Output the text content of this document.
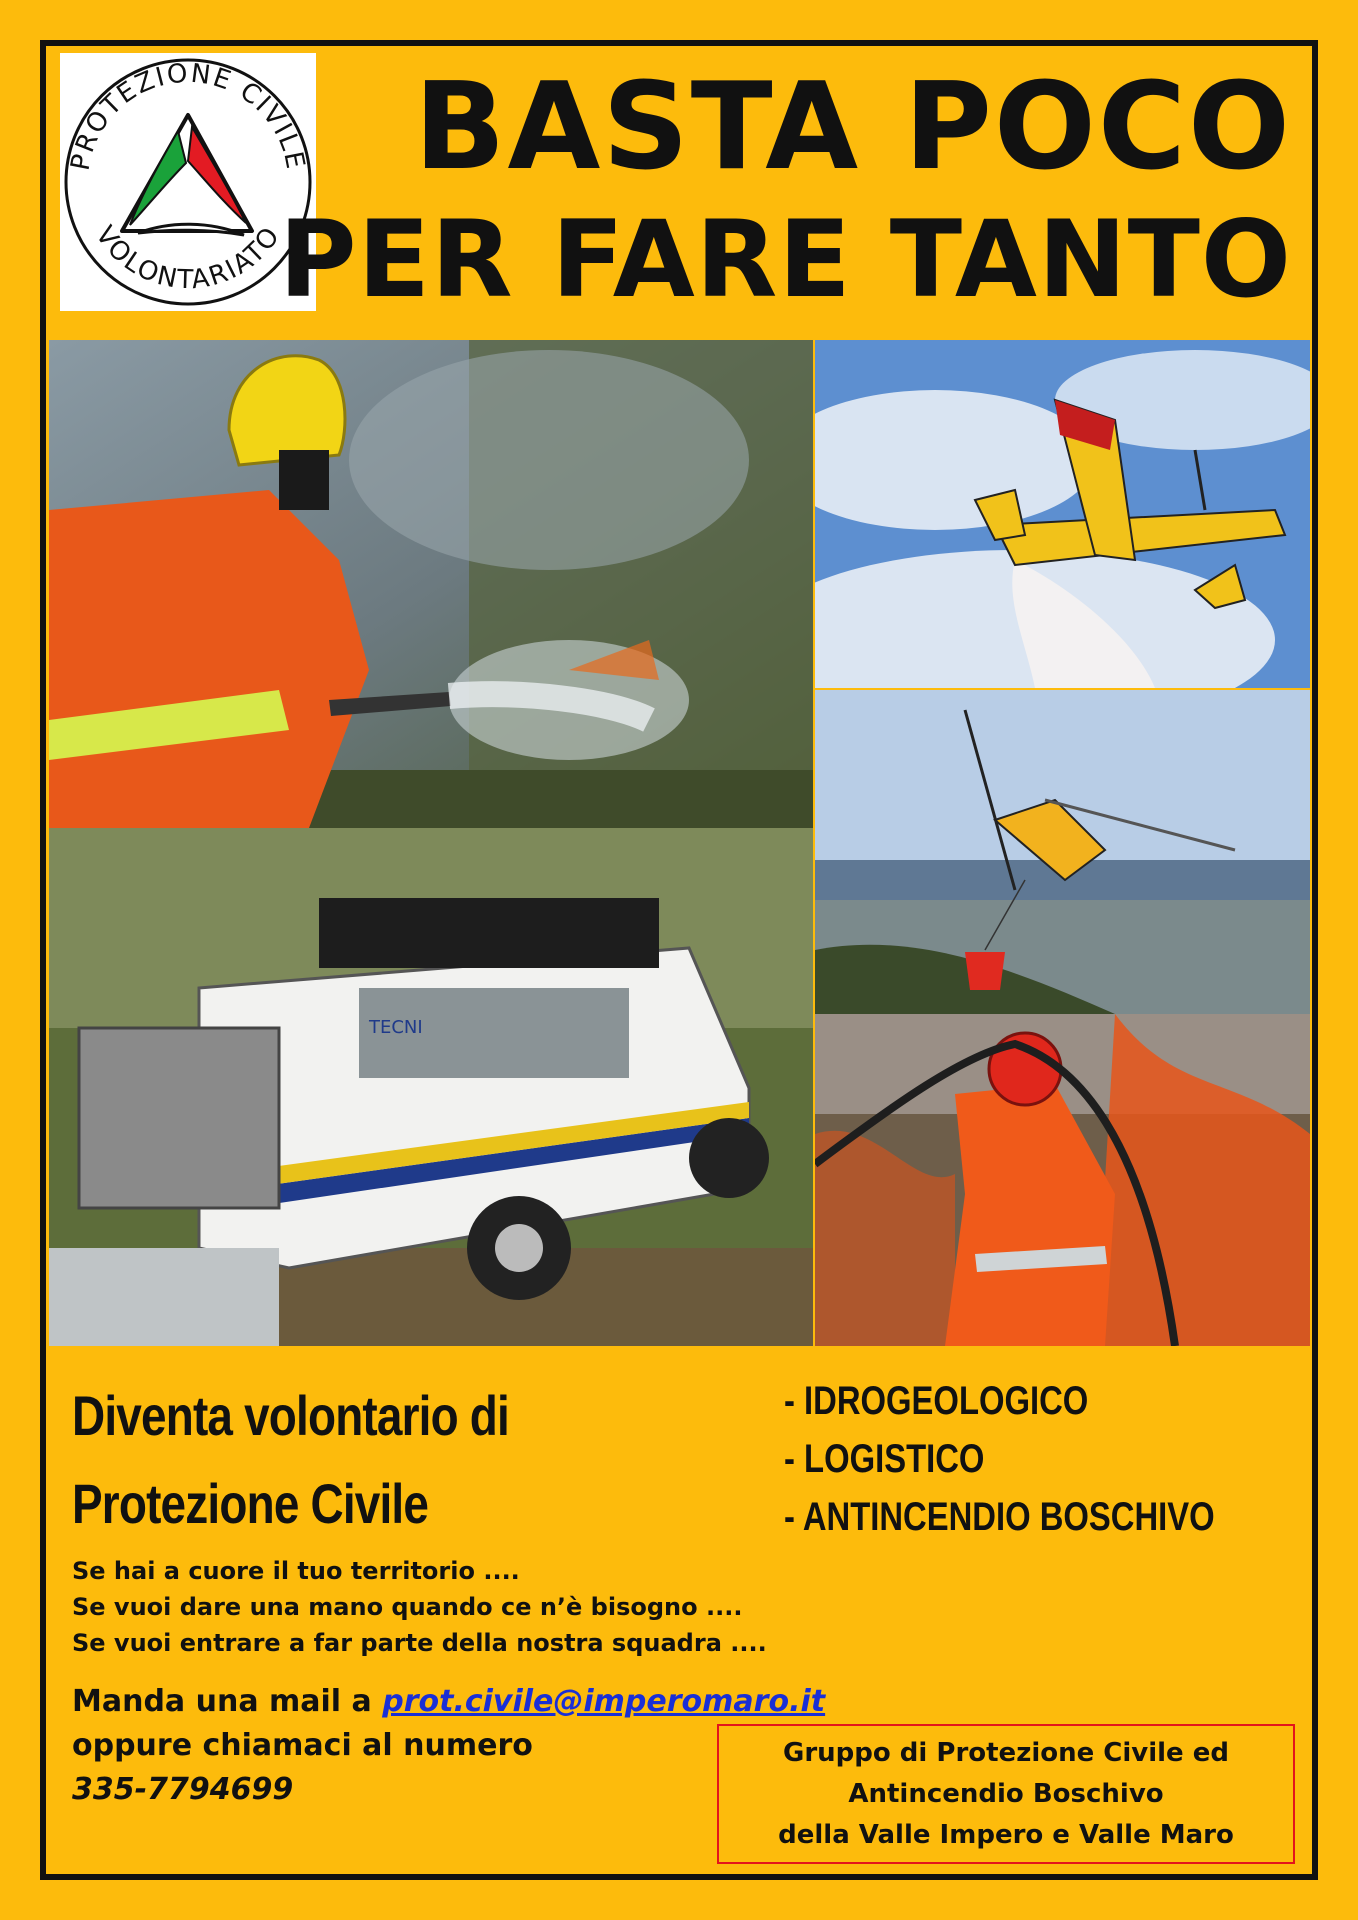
PROTEZIONE CIVILE
VOLONTARIATO
BASTA POCO
PER FARE TANTO
TECNI
Diventa volontario di
Protezione Civile
- IDROGEOLOGICO
- LOGISTICO
- ANTINCENDIO BOSCHIVO
Se hai a cuore il tuo territorio ....
Se vuoi dare una mano quando ce n’è bisogno ....
Se vuoi entrare a far parte della nostra squadra ....
Manda una mail a prot.civile@imperomaro.it
oppure chiamaci al numero
335-7794699
Gruppo di Protezione Civile ed
Antincendio Boschivo
della Valle Impero e Valle Maro
